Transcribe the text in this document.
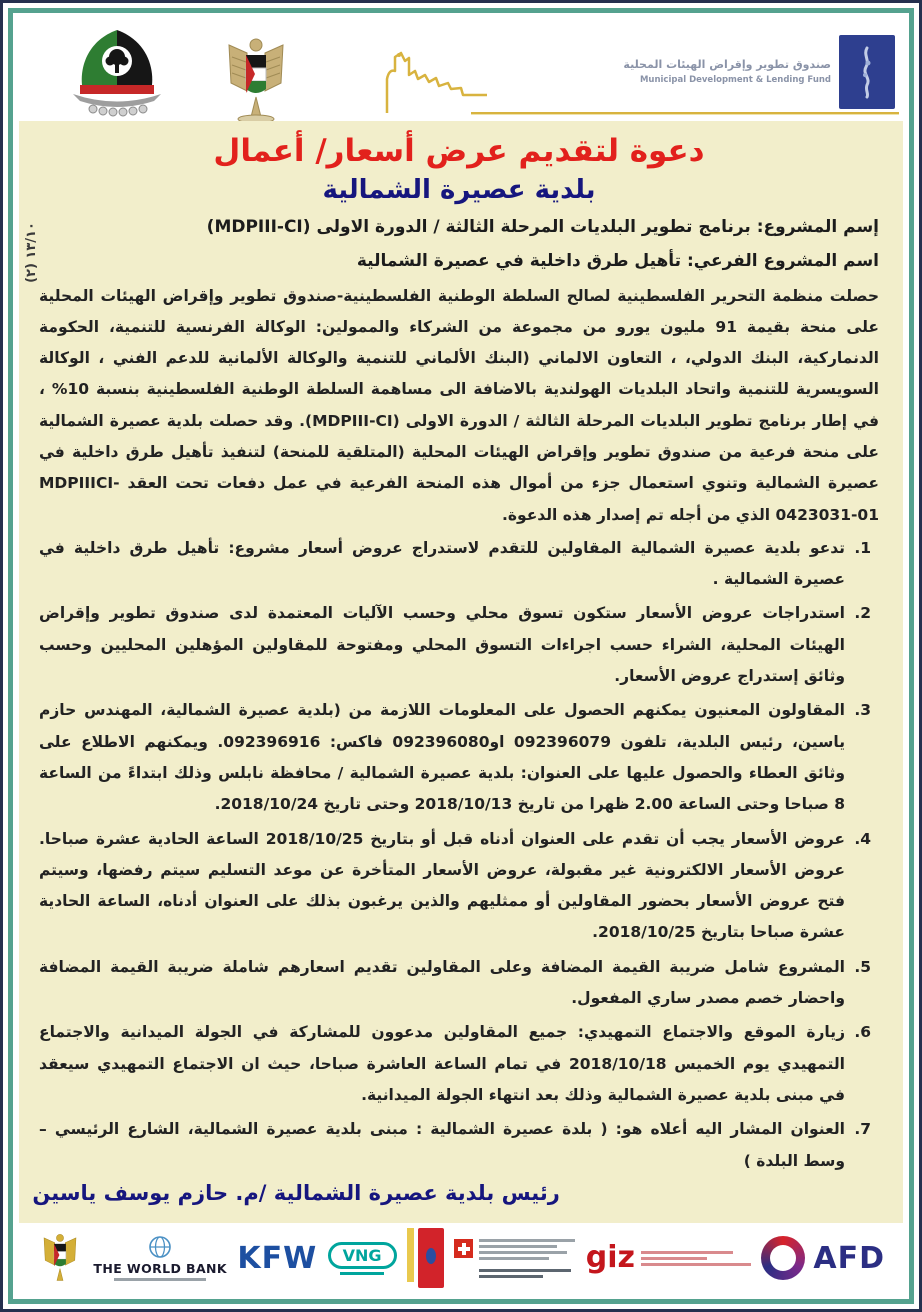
صندوق تطوير وإقراض الهيئات المحلية
Municipal Development & Lending Fund
١٣/١٠ (٢)
دعوة لتقديم عرض أسعار/ أعمال
بلدية عصيرة الشمالية

إسم المشروع: برنامج تطوير البلديات المرحلة الثالثة / الدورة الاولى (MDPIII-CI)

اسم المشروع الفرعي: تأهيل طرق داخلية في عصيرة الشمالية

حصلت منظمة التحرير الفلسطينية لصالح السلطة الوطنية الفلسطينية-صندوق تطوير وإقراض الهيئات المحلية على منحة بقيمة 91 مليون يورو من مجموعة من الشركاء والممولين: الوكالة الفرنسية للتنمية، الحكومة الدنماركية، البنك الدولي، ، التعاون الالماني (البنك الألماني للتنمية والوكالة الألمانية للدعم الفني ، الوكالة السويسرية للتنمية واتحاد البلديات الهولندية بالاضافة الى مساهمة السلطة الوطنية الفلسطينية بنسبة 10% ، في إطار برنامج تطوير البلديات المرحلة الثالثة / الدورة الاولى (MDPIII-CI). وقد حصلت بلدية عصيرة الشمالية على منحة فرعية من صندوق تطوير وإقراض الهيئات المحلية (المتلقية للمنحة) لتنفيذ تأهيل طرق داخلية في عصيرة الشمالية وتنوي استعمال جزء من أموال هذه المنحة الفرعية في عمل دفعات تحت العقد MDPIIICI-0423031-01 الذي من أجله تم إصدار هذه الدعوة.

1. تدعو بلدية عصيرة الشمالية المقاولين للتقدم لاستدراج عروض أسعار مشروع: تأهيل طرق داخلية في عصيرة الشمالية .
2. استدراجات عروض الأسعار ستكون تسوق محلي وحسب الآليات المعتمدة لدى صندوق تطوير وإقراض الهيئات المحلية، الشراء حسب اجراءات التسوق المحلي ومفتوحة للمقاولين المؤهلين المحليين وحسب وثائق إستدراج عروض الأسعار.
3. المقاولون المعنيون يمكنهم الحصول على المعلومات اللازمة من (بلدية عصيرة الشمالية، المهندس حازم ياسين، رئيس البلدية، تلفون 092396079 او092396080 فاكس: 092396916. ويمكنهم الاطلاع على وثائق العطاء والحصول عليها على العنوان: بلدية عصيرة الشمالية / محافظة نابلس وذلك ابتداءً من الساعة 8 صباحا وحتى الساعة 2.00 ظهرا من تاريخ 2018/10/13 وحتى تاريخ 2018/10/24.
4. عروض الأسعار يجب أن تقدم على العنوان أدناه قبل أو بتاريخ 2018/10/25 الساعة الحادية عشرة صباحا. عروض الأسعار الالكترونية غير مقبولة، عروض الأسعار المتأخرة عن موعد التسليم سيتم رفضها، وسيتم فتح عروض الأسعار بحضور المقاولين أو ممثليهم والذين يرغبون بذلك على العنوان أدناه، الساعة الحادية عشرة صباحا بتاريخ 2018/10/25.
5. المشروع شامل ضريبة القيمة المضافة وعلى المقاولين تقديم اسعارهم شاملة ضريبة القيمة المضافة واحضار خصم مصدر ساري المفعول.
6. زيارة الموقع والاجتماع التمهيدي: جميع المقاولين مدعوون للمشاركة في الجولة الميدانية والاجتماع التمهيدي يوم الخميس 2018/10/18 في تمام الساعة العاشرة صباحا، حيث ان الاجتماع التمهيدي سيعقد في مبنى بلدية عصيرة الشمالية وذلك بعد انتهاء الجولة الميدانية.
7. العنوان المشار اليه أعلاه هو: ( بلدة عصيرة الشمالية : مبنى بلدية عصيرة الشمالية، الشارع الرئيسي – وسط البلدة )
رئيس بلدية عصيرة الشمالية /م. حازم يوسف ياسين
THE WORLD BANK KFW	VNG	giz	AFD
